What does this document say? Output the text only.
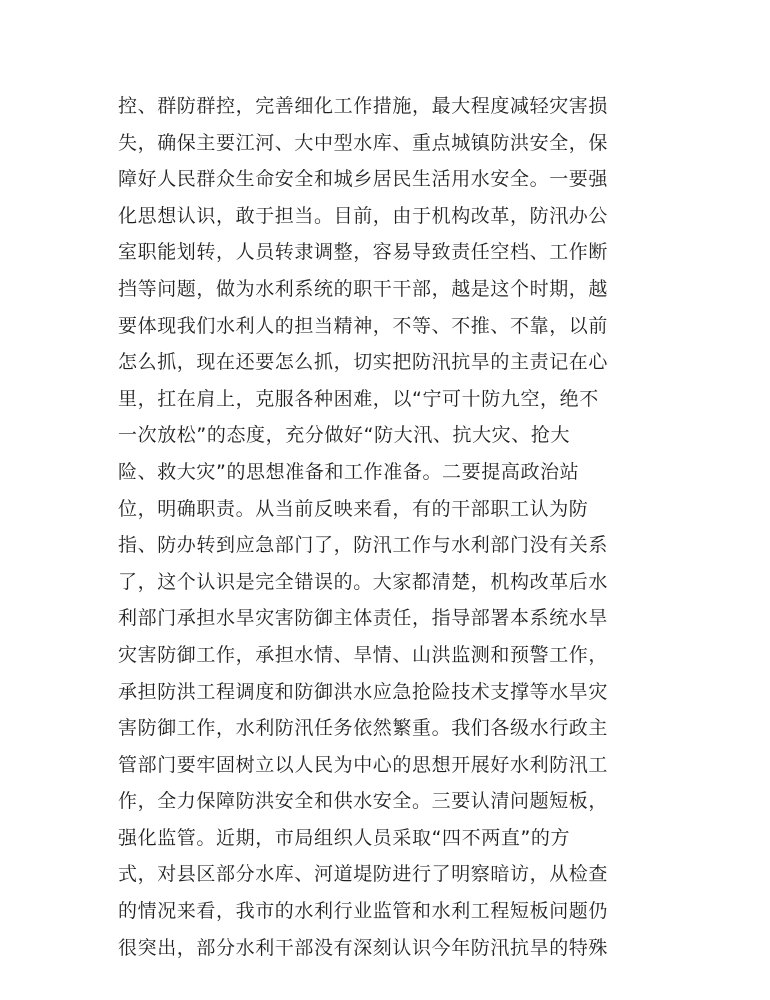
控、群防群控，完善细化工作措施，最大程度减轻灾害损
失，确保主要江河、大中型水库、重点城镇防洪安全，保
障好人民群众生命安全和城乡居民生活用水安全。一要强
化思想认识，敢于担当。目前，由于机构改革，防汛办公
室职能划转，人员转隶调整，容易导致责任空档、工作断
挡等问题，做为水利系统的职干干部，越是这个时期，越
要体现我们水利人的担当精神，不等、不推、不靠，以前
怎么抓，现在还要怎么抓，切实把防汛抗旱的主责记在心
里，扛在肩上，克服各种困难，以“宁可十防九空，绝不
一次放松”的态度，充分做好“防大汛、抗大灾、抢大
险、救大灾”的思想准备和工作准备。二要提高政治站
位，明确职责。从当前反映来看，有的干部职工认为防
指、防办转到应急部门了，防汛工作与水利部门没有关系
了，这个认识是完全错误的。大家都清楚，机构改革后水
利部门承担水旱灾害防御主体责任，指导部署本系统水旱
灾害防御工作，承担水情、旱情、山洪监测和预警工作，
承担防洪工程调度和防御洪水应急抢险技术支撑等水旱灾
害防御工作，水利防汛任务依然繁重。我们各级水行政主
管部门要牢固树立以人民为中心的思想开展好水利防汛工
作，全力保障防洪安全和供水安全。三要认清问题短板，
强化监管。近期，市局组织人员采取“四不两直”的方
式，对县区部分水库、河道堤防进行了明察暗访，从检查
的情况来看，我市的水利行业监管和水利工程短板问题仍
很突出，部分水利干部没有深刻认识今年防汛抗旱的特殊
